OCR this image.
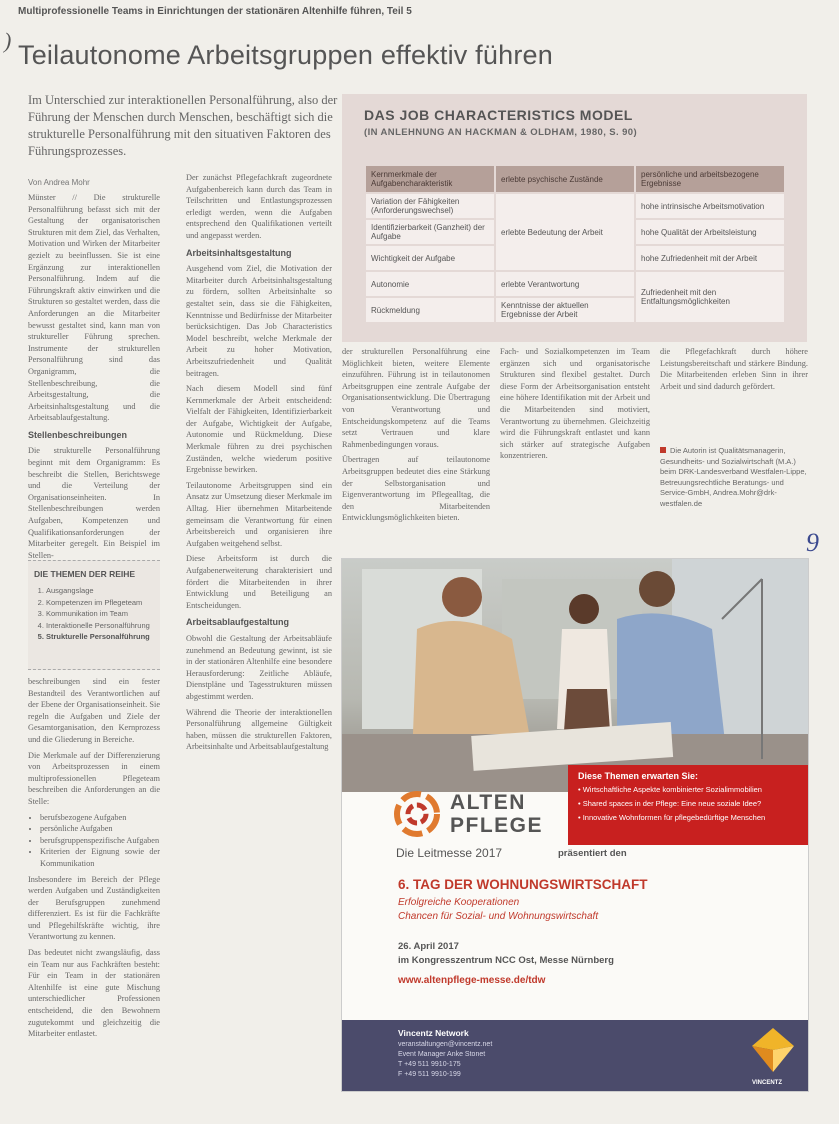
)
Multiprofessionelle Teams in Einrichtungen der stationären Altenhilfe führen, Teil 5
Teilautonome Arbeitsgruppen effektiv führen
Im Unterschied zur interaktionellen Personalführung, also der Führung der Menschen durch Menschen, beschäftigt sich die strukturelle Personalführung mit den situativen Faktoren des Führungsprozesses.
Von Andrea Mohr

Münster // Die strukturelle Personalführung befasst sich mit der Gestaltung der organisatorischen Strukturen mit dem Ziel, das Verhalten, Motivation und Wirken der Mitarbeiter gezielt zu beeinflussen. Sie ist eine Ergänzung zur interaktionellen Personalführung. Indem auf die Führungskraft aktiv einwirken und die Strukturen so gestaltet werden, dass die Anforderungen an die Mitarbeiter bewusst gestaltet sind, kann man von struktureller Führung sprechen. Instrumente der strukturellen Personalführung sind das Organigramm, die Stellenbeschreibung, die Arbeitsgestaltung, die Arbeitsinhaltsgestaltung und die Arbeitsablaufgestaltung.

Stellenbeschreibungen

Die strukturelle Personalführung beginnt mit dem Organigramm: Es beschreibt die Stellen, Berichtswege und die Verteilung der Organisationseinheiten. In Stellenbeschreibungen werden Aufgaben, Kompetenzen und Qualifikationsanforderungen der Mitarbeiter geregelt. Ein Beispiel im Stellen-

DIE THEMEN DER REIHE
1. Ausgangslage
2. Kompetenzen im Pflegeteam
3. Kommunikation im Team
4. Interaktionelle Personalführung
5. Strukturelle Personalführung

beschreibungen sind ein fester Bestandteil des Verantwortlichen auf der Ebene der Organisationseinheit. Sie regeln die Aufgaben und Ziele der Gesamtorganisation, den Kernprozess und die Gliederung in Bereiche.

Die Merkmale auf der Differenzierung von Arbeitsprozessen in einem multiprofessionellen Pflegeteam beschreiben die Anforderungen an die Stelle:

• berufsbezogene Aufgaben
• persönliche Aufgaben
• berufsgruppenspezifische Aufgaben
• Kriterien der Eignung sowie der Kommunikation

Insbesondere im Bereich der Pflege werden Aufgaben und Zuständigkeiten der Berufsgruppen zunehmend differenziert. Es ist für die Fachkräfte und Pflegehilfskräfte wichtig, ihre Verantwortung zu kennen.

Das bedeutet nicht zwangsläufig, dass ein Team nur aus Fachkräften besteht: Für ein Team in der stationären Altenhilfe ist eine gute Mischung unterschiedlicher Professionen entscheidend, die den Bewohnern zugutekommt und gleichzeitig die Mitarbeiter entlastet.

Der zunächst Pflegefachkraft zugeordnete Aufgabenbereich kann durch das Team in Teilschritten und Entlastungsprozessen erledigt werden, wenn die Aufgaben entsprechend den Qualifikationen verteilt und angepasst werden.

Arbeitsinhaltsgestaltung

Ausgehend vom Ziel, die Motivation der Mitarbeiter durch Arbeitsinhaltsgestaltung zu fördern, sollten Arbeitsinhalte so gestaltet sein, dass sie die Fähigkeiten, Kenntnisse und Bedürfnisse der Mitarbeiter berücksichtigen. Das Job Characteristics Model beschreibt, welche Merkmale der Arbeit zu hoher Motivation, Arbeitszufriedenheit und Qualität beitragen.

Nach diesem Modell sind fünf Kernmerkmale der Arbeit entscheidend: Vielfalt der Fähigkeiten, Identifizierbarkeit der Aufgabe, Wichtigkeit der Aufgabe, Autonomie und Rückmeldung. Diese Merkmale führen zu drei psychischen Zuständen, welche wiederum positive Ergebnisse bewirken.

Teilautonome Arbeitsgruppen sind ein Ansatz zur Umsetzung dieser Merkmale im Alltag. Hier übernehmen Mitarbeitende gemeinsam die Verantwortung für einen Arbeitsbereich und organisieren ihre Aufgaben weitgehend selbst.

Diese Arbeitsform ist durch die Aufgabenerweiterung charakterisiert und fördert die Mitarbeitenden in ihrer Entwicklung und Beteiligung an Entscheidungen.

Arbeitsablaufgestaltung

Obwohl die Gestaltung der Arbeitsabläufe zunehmend an Bedeutung gewinnt, ist sie in der stationären Altenhilfe eine besondere Herausforderung: Zeitliche Abläufe, Dienstpläne und Tagesstrukturen müssen abgestimmt werden.

Während die Theorie der interaktionellen Personalführung allgemeine Gültigkeit haben, müssen die strukturellen Faktoren, Arbeitsinhalte und Arbeitsablaufgestaltung

DAS JOB CHARACTERISTICS MODEL
(IN ANLEHNUNG AN HACKMAN & OLDHAM, 1980, S. 90)
Kernmerkmale der Aufgabencharakteristik	erlebte psychische Zustände	persönliche und arbeitsbezogene Ergebnisse
Variation der Fähigkeiten (Anforderungswechsel)	erlebte Bedeutung der Arbeit	hohe intrinsische Arbeitsmotivation
Identifizierbarkeit (Ganzheit) der Aufgabe		hohe Qualität der Arbeitsleistung
Wichtigkeit der Aufgabe		hohe Zufriedenheit mit der Arbeit
Autonomie	erlebte Verantwortung	Zufriedenheit mit den Entfaltungsmöglichkeiten
Rückmeldung	Kenntnisse der aktuellen Ergebnisse der Arbeit	

der strukturellen Personalführung eine Möglichkeit bieten, weitere Elemente einzuführen. Führung ist in teilautonomen Arbeitsgruppen eine zentrale Aufgabe der Organisationsentwicklung. Die Übertragung von Verantwortung und Entscheidungskompetenz auf die Teams setzt Vertrauen und klare Rahmenbedingungen voraus.

Übertragen auf teilautonome Arbeitsgruppen bedeutet dies eine Stärkung der Selbstorganisation und Eigenverantwortung im Pflegealltag, die den Mitarbeitenden Entwicklungsmöglichkeiten bieten.

Fach- und Sozialkompetenzen im Team ergänzen sich und organisatorische Strukturen sind flexibel gestaltet. Durch diese Form der Arbeitsorganisation entsteht eine höhere Identifikation mit der Arbeit und die Mitarbeitenden sind motiviert, Verantwortung zu übernehmen. Gleichzeitig wird die Führungskraft entlastet und kann sich stärker auf strategische Aufgaben konzentrieren.

die Pflegefachkraft durch höhere Leistungsbereitschaft und stärkere Bindung. Die Mitarbeitenden erleben Sinn in ihrer Arbeit und sind dadurch gefördert.

Die Autorin ist Qualitätsmanagerin, Gesundheits- und Sozialwirtschaft (M.A.) beim DRK-Landesverband Westfalen-Lippe, Betreuungsrechtliche Beratungs- und Service-GmbH, Andrea.Mohr@drk-westfalen.de
9
Diese Themen erwarten Sie:
• Wirtschaftliche Aspekte kombinierter Sozialimmobilien
• Shared spaces in der Pflege: Eine neue soziale Idee?
• Innovative Wohnformen für pflegebedürftige Menschen
ALTEN
PFLEGE
Die Leitmesse 2017	präsentiert den
6. TAG DER WOHNUNGSWIRTSCHAFT
Erfolgreiche Kooperationen
Chancen für Sozial- und Wohnungswirtschaft
26. April 2017
im Kongresszentrum NCC Ost, Messe Nürnberg
www.altenpflege-messe.de/tdw
Vincentz Network
veranstaltungen@vincentz.net
Event Manager Anke Stonet
T +49 511 9910-175
F +49 511 9910-199
VINCENTZ
